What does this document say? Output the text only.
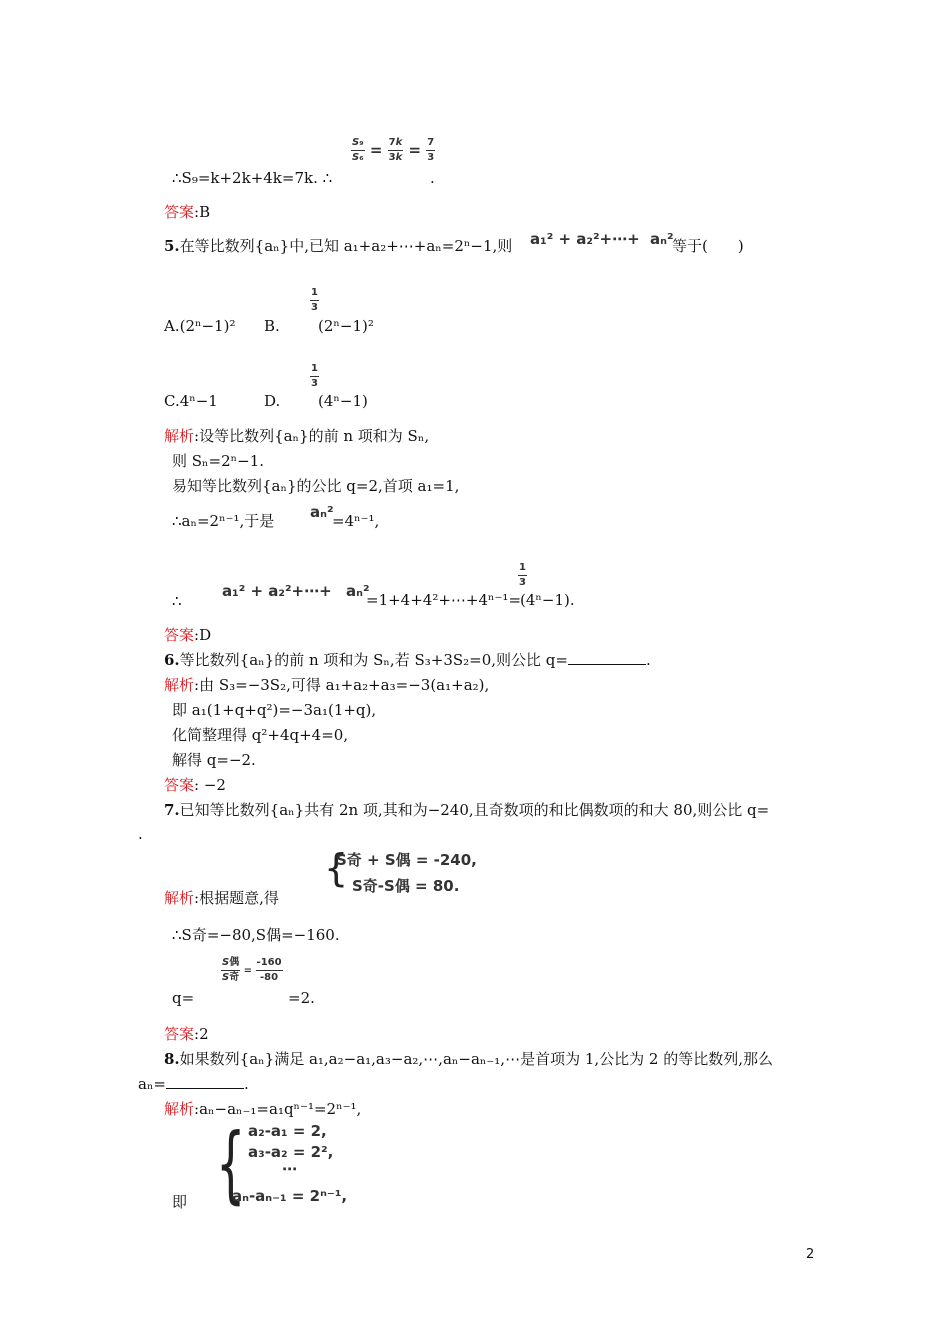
$\frac{\text{S₉}}{\text{S₆}} = \frac{7k}{3k} = \frac{7}{3}$
∴S₉=k+2k+4k=7k. ∴	.
答案:B
5.在等比数列{aₙ}中,已知 a₁+a₂+⋯+aₙ=2ⁿ−1,则 a₁² + a₂²+⋯+ aₙ²
等于(　　)
$\frac{1}{3}$
A.(2ⁿ−1)² B.	(2ⁿ−1)²
$\frac{1}{3}$
C.4ⁿ−1	D.	(4ⁿ−1)
解析:设等比数列{aₙ}的前 n 项和为 Sₙ,
则 Sₙ=2ⁿ−1.
易知等比数列{aₙ}的公比 q=2,首项 a₁=1,
∴aₙ=2ⁿ⁻¹,于是 aₙ²
=4ⁿ⁻¹,
$\frac{1}{3}$
∴
a₁² + a₂²+⋯+ aₙ²
=1+4+4²+⋯+4ⁿ⁻¹=
(4ⁿ−1).
答案:D
6.等比数列{aₙ}的前 n 项和为 Sₙ,若 S₃+3S₂=0,则公比 q=	.
解析:由 S₃=−3S₂,可得 a₁+a₂+a₃=−3(a₁+a₂),
即 a₁(1+q+q²)=−3a₁(1+q),
化简整理得 q²+4q+4=0,
解得 q=−2.
答案: −2
7.已知等比数列{aₙ}共有 2n 项,其和为−240,且奇数项的和比偶数项的和大 80,则公比 q=
.
{
S奇 + S偶 = -240,
S奇-S偶 = 80.
解析:根据题意,得
∴S奇=−80,S偶=−160.
$\frac{\text{S偶}}{\text{S奇}} = \frac{-160}{-80}$
q=	=2.
答案:2
8.如果数列{aₙ}满足 a₁,a₂−a₁,a₃−a₂,⋯,aₙ−aₙ₋₁,⋯是首项为 1,公比为 2 的等比数列,那么
aₙ=	.
解析:aₙ−aₙ₋₁=a₁qⁿ⁻¹=2ⁿ⁻¹,
{ a₂-a₁ = 2,
a₃-a₂ = 2²,
⋯
aₙ-aₙ₋₁ = 2ⁿ⁻¹,
即
2
